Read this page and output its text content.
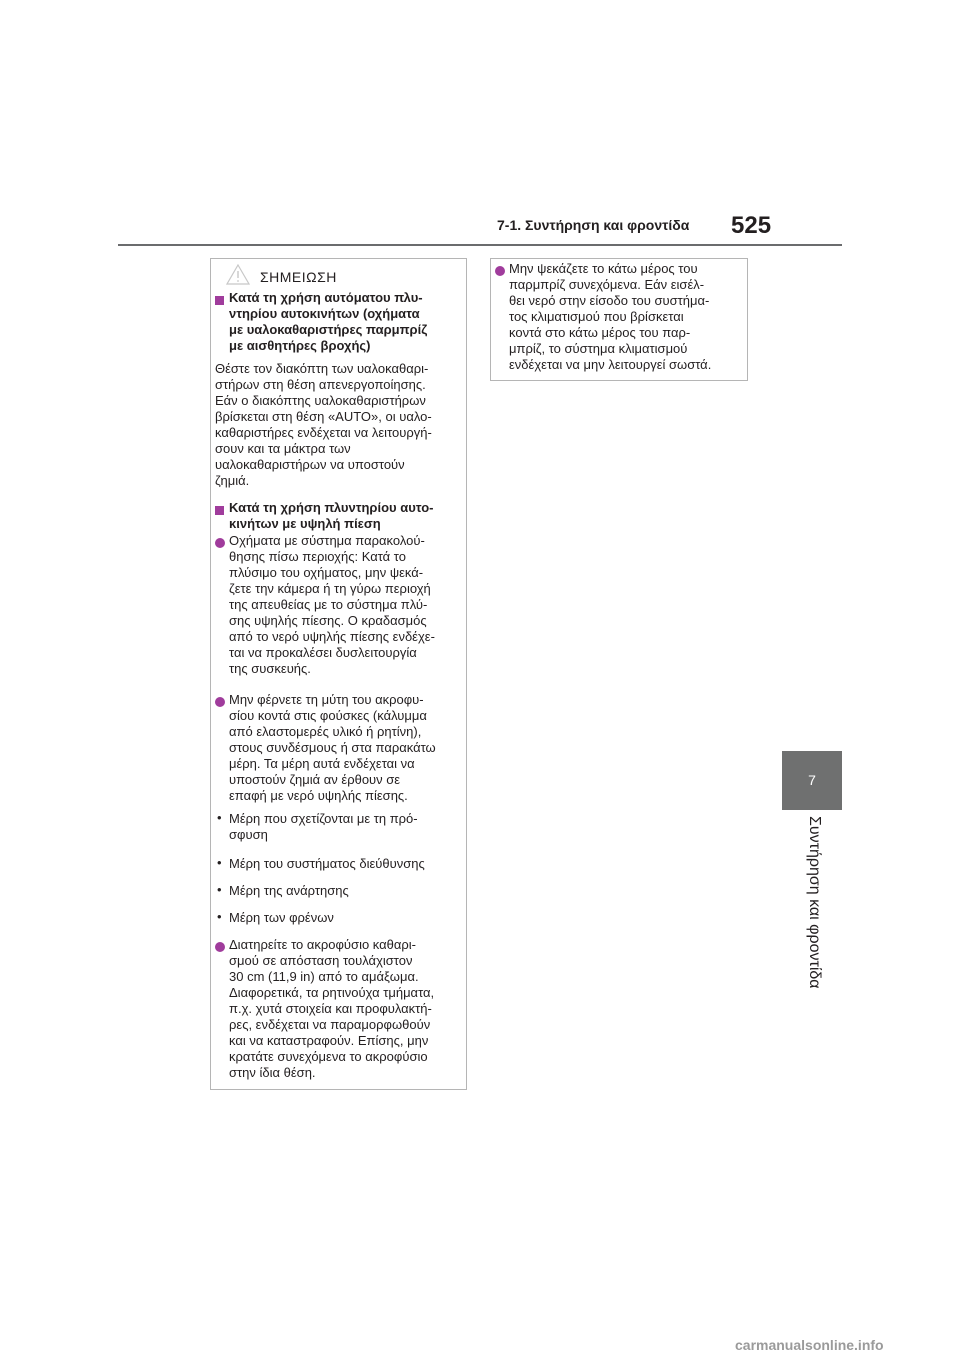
7-1. Συντήρηση και φροντίδα 525
7
Συντήρηση και φροντίδα
ΣΗΜΕΙΩΣΗ
Κατά τη χρήση αυτόματου πλυ-
ντηρίου αυτοκινήτων (οχήματα
με υαλοκαθαριστήρες παρμπρίζ
με αισθητήρες βροχής)
Θέστε τον διακόπτη των υαλοκαθαρι-
στήρων στη θέση απενεργοποίησης.
Εάν ο διακόπτης υαλοκαθαριστήρων
βρίσκεται στη θέση «AUTO», οι υαλο-
καθαριστήρες ενδέχεται να λειτουργή-
σουν και τα μάκτρα των
υαλοκαθαριστήρων να υποστούν
ζημιά.
Κατά τη χρήση πλυντηρίου αυτο-
κινήτων με υψηλή πίεση
Οχήματα με σύστημα παρακολού-
θησης πίσω περιοχής: Κατά το
πλύσιμο του οχήματος, μην ψεκά-
ζετε την κάμερα ή τη γύρω περιοχή
της απευθείας με το σύστημα πλύ-
σης υψηλής πίεσης. Ο κραδασμός
από το νερό υψηλής πίεσης ενδέχε-
ται να προκαλέσει δυσλειτουργία
της συσκευής.
Μην φέρνετε τη μύτη του ακροφυ-
σίου κοντά στις φούσκες (κάλυμμα
από ελαστομερές υλικό ή ρητίνη),
στους συνδέσμους ή στα παρακάτω
μέρη. Τα μέρη αυτά ενδέχεται να
υποστούν ζημιά αν έρθουν σε
επαφή με νερό υψηλής πίεσης.
• Μέρη που σχετίζονται με τη πρό-
σφυση
• Μέρη του συστήματος διεύθυνσης
• Μέρη της ανάρτησης
• Μέρη των φρένων
Διατηρείτε το ακροφύσιο καθαρι-
σμού σε απόσταση τουλάχιστον
30 cm (11,9 in) από το αμάξωμα.
Διαφορετικά, τα ρητινούχα τμήματα,
π.χ. χυτά στοιχεία και προφυλακτή-
ρες, ενδέχεται να παραμορφωθούν
και να καταστραφούν. Επίσης, μην
κρατάτε συνεχόμενα το ακροφύσιο
στην ίδια θέση.
Μην ψεκάζετε το κάτω μέρος του
παρμπρίζ συνεχόμενα. Εάν εισέλ-
θει νερό στην είσοδο του συστήμα-
τος κλιματισμού που βρίσκεται
κοντά στο κάτω μέρος του παρ-
μπρίζ, το σύστημα κλιματισμού
ενδέχεται να μην λειτουργεί σωστά.
carmanualsonline.info
